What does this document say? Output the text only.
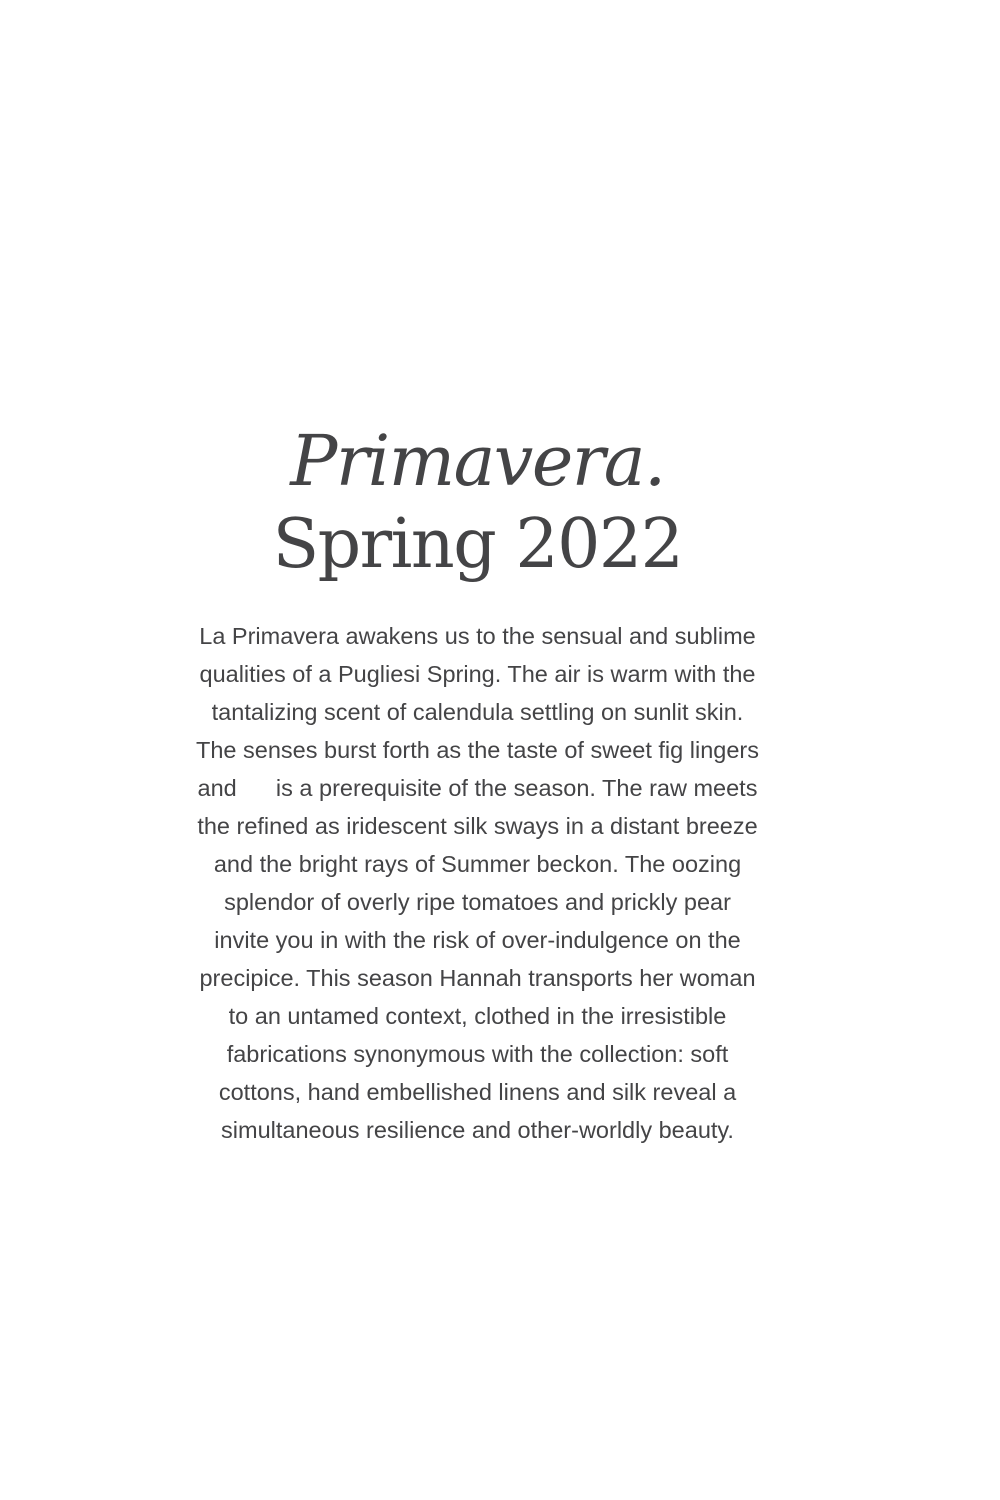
Primavera.
Spring 2022
La Primavera awakens us to the sensual and sublime
qualities of a Pugliesi Spring. The air is warm with the
tantalizing scent of calendula settling on sunlit skin.
The senses burst forth as the taste of sweet fig lingers
and      is a prerequisite of the season. The raw meets
the refined as iridescent silk sways in a distant breeze
and the bright rays of Summer beckon. The oozing
splendor of overly ripe tomatoes and prickly pear
invite you in with the risk of over-indulgence on the
precipice. This season Hannah transports her woman
to an untamed context, clothed in the irresistible
fabrications synonymous with the collection: soft
cottons, hand embellished linens and silk reveal a
simultaneous resilience and other-worldly beauty.
